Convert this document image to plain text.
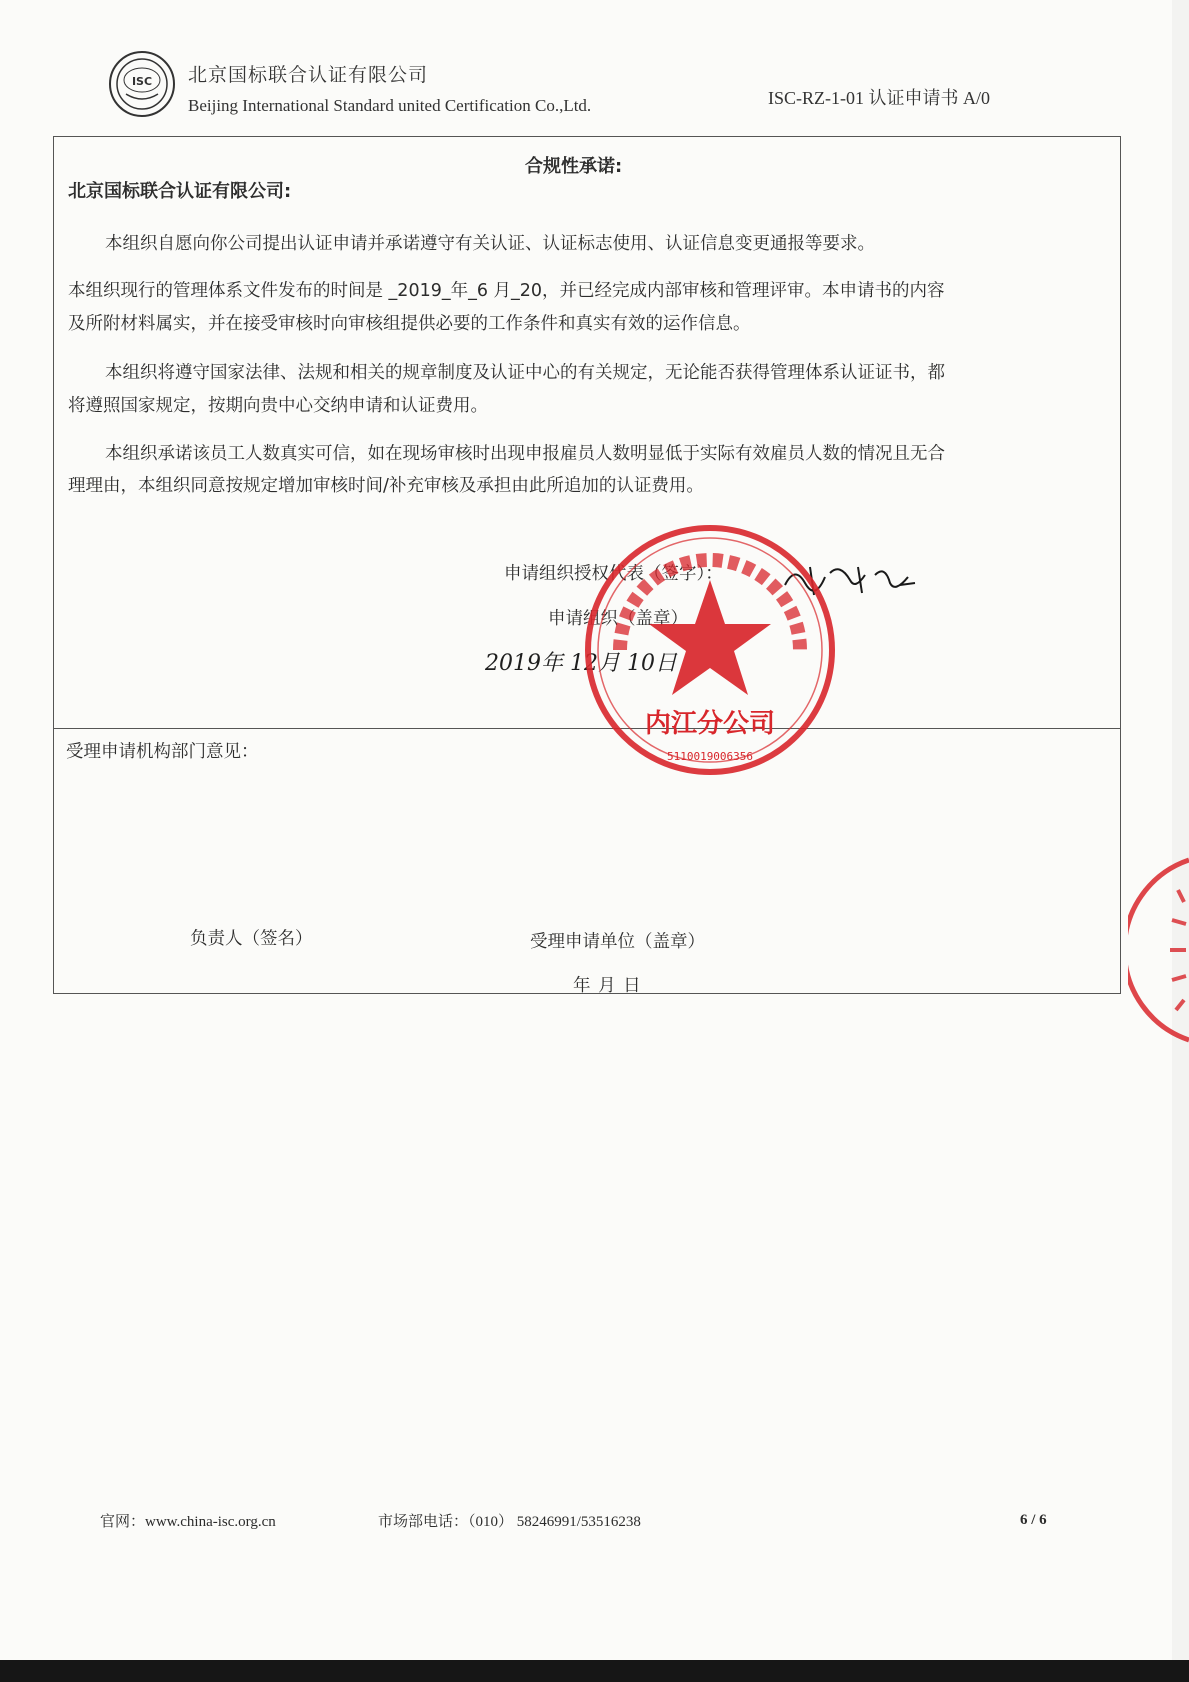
ISC 北京国标联合认证有限公司
Beijing International Standard united Certification Co.,Ltd.	ISC-RZ-1-01 认证申请书 A/0
合规性承诺:
北京国标联合认证有限公司:
本组织自愿向你公司提出认证申请并承诺遵守有关认证、认证标志使用、认证信息变更通报等要求。
本组织现行的管理体系文件发布的时间是 _2019_年_6 月_20，并已经完成内部审核和管理评审。本申请书的内容
及所附材料属实，并在接受审核时向审核组提供必要的工作条件和真实有效的运作信息。
本组织将遵守国家法律、法规和相关的规章制度及认证中心的有关规定，无论能否获得管理体系认证证书，都
将遵照国家规定，按期向贵中心交纳申请和认证费用。
本组织承诺该员工人数真实可信，如在现场审核时出现申报雇员人数明显低于实际有效雇员人数的情况且无合
理理由，本组织同意按规定增加审核时间/补充审核及承担由此所追加的认证费用。
申请组织授权代表（签字）：
申请组织（盖章）
2019年 12月 10日
内江分公司
5110019006356
受理申请机构部门意见：
负责人（签名）	受理申请单位（盖章）
年 月 日
官网：www.china-isc.org.cn	市场部电话：（010） 58246991/53516238	6 / 6
